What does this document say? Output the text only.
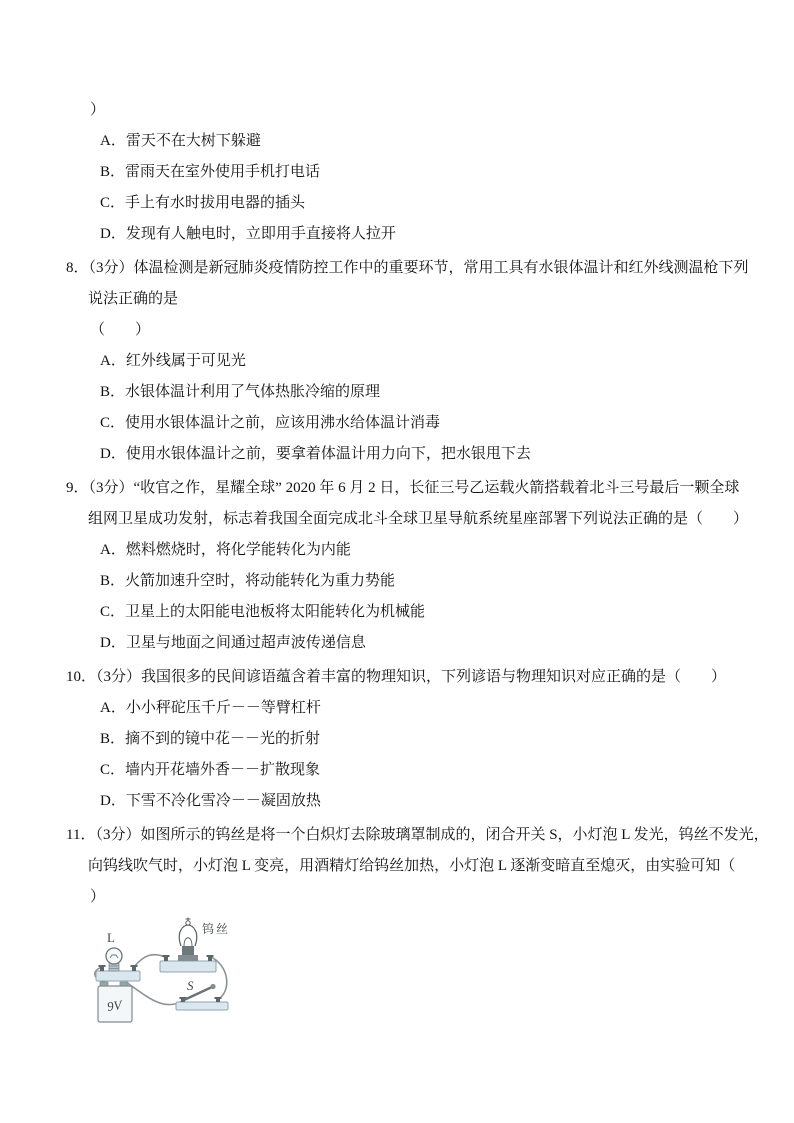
）
A．雷天不在大树下躲避
B．雷雨天在室外使用手机打电话
C．手上有水时拔用电器的插头
D．发现有人触电时，立即用手直接将人拉开
8．（3分）体温检测是新冠肺炎疫情防控工作中的重要环节，常用工具有水银体温计和红外线测温枪下列
说法正确的是
（　　）
A．红外线属于可见光
B．水银体温计利用了气体热胀冷缩的原理
C．使用水银体温计之前，应该用沸水给体温计消毒
D．使用水银体温计之前，要拿着体温计用力向下，把水银甩下去
9．（3分）“收官之作，星耀全球” 2020 年 6 月 2 日，长征三号乙运载火箭搭载着北斗三号最后一颗全球
组网卫星成功发射，标志着我国全面完成北斗全球卫星导航系统星座部署下列说法正确的是（　　）
A．燃料燃烧时，将化学能转化为内能
B．火箭加速升空时，将动能转化为重力势能
C．卫星上的太阳能电池板将太阳能转化为机械能
D．卫星与地面之间通过超声波传递信息
10．（3分）我国很多的民间谚语蕴含着丰富的物理知识，下列谚语与物理知识对应正确的是（　　）
A．小小秤砣压千斤－－等臂杠杆
B．摘不到的镜中花－－光的折射
C．墙内开花墙外香－－扩散现象
D．下雪不冷化雪冷－－凝固放热
11．（3分）如图所示的钨丝是将一个白炽灯去除玻璃罩制成的，闭合开关 S，小灯泡 L 发光，钨丝不发光，
向钨线吹气时，小灯泡 L 变亮，用酒精灯给钨丝加热，小灯泡 L 逐渐变暗直至熄灭，由实验可知（
）
L
钨丝
9V
S
